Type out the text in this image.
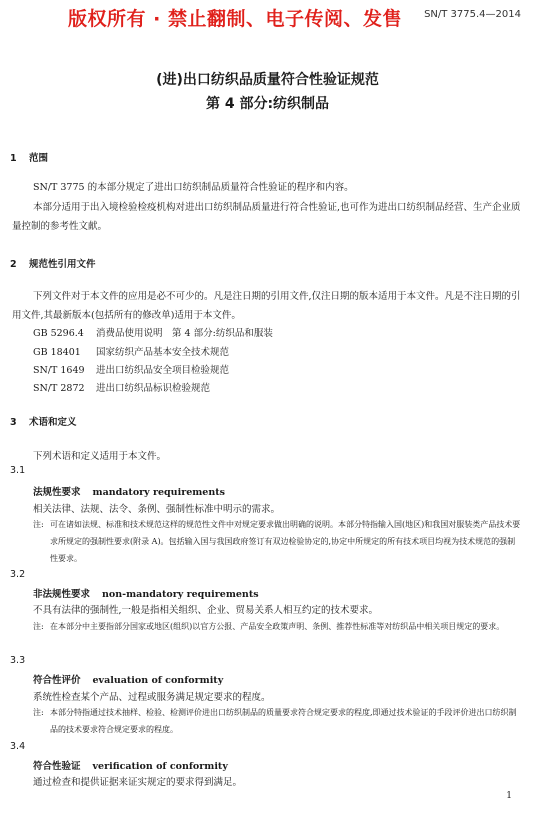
版权所有 · 禁止翻制、电子传阅、发售 SN/T 3775.4—2014
(进)出口纺织品质量符合性验证规范
第 4 部分:纺织制品
1 范围
SN/T 3775 的本部分规定了进出口纺织制品质量符合性验证的程序和内容。
本部分适用于出入境检验检疫机构对进出口纺织制品质量进行符合性验证,也可作为进出口纺织制品经营、生产企业质量控制的参考性文献。
2 规范性引用文件
下列文件对于本文件的应用是必不可少的。凡是注日期的引用文件,仅注日期的版本适用于本文件。凡是不注日期的引用文件,其最新版本(包括所有的修改单)适用于本文件。
GB 5296.4 消费品使用说明　第 4 部分:纺织品和服装
GB 18401 国家纺织产品基本安全技术规范
SN/T 1649 进出口纺织品安全项目检验规范
SN/T 2872 进出口纺织品标识检验规范
3 术语和定义
下列术语和定义适用于本文件。
3.1
法规性要求 mandatory requirements
相关法律、法规、法令、条例、强制性标准中明示的需求。
注: 可在诸如法规、标准和技术规范这样的规范性文件中对规定要求做出明确的说明。本部分特指输入国(地区)和我国对服装类产品技术要求所规定的强制性要求(附录 A)。包括输入国与我国政府签订有双边检验协定的,协定中所规定的所有技术项目均视为技术规范的强制性要求。
3.2
非法规性要求 non-mandatory requirements
不具有法律的强制性,一般是指相关组织、企业、贸易关系人相互约定的技术要求。
注: 在本部分中主要指部分国家或地区(组织)以官方公报、产品安全政策声明、条例、推荐性标准等对纺织品中相关项目规定的要求。
3.3
符合性评价 evaluation of conformity
系统性检查某个产品、过程或服务满足规定要求的程度。
注: 本部分特指通过技术抽样、检验、检测评价进出口纺织制品的质量要求符合规定要求的程度,即通过技术验证的手段评价进出口纺织制品的技术要求符合规定要求的程度。
3.4
符合性验证 verification of conformity
通过检查和提供证据来证实规定的要求得到满足。
1
